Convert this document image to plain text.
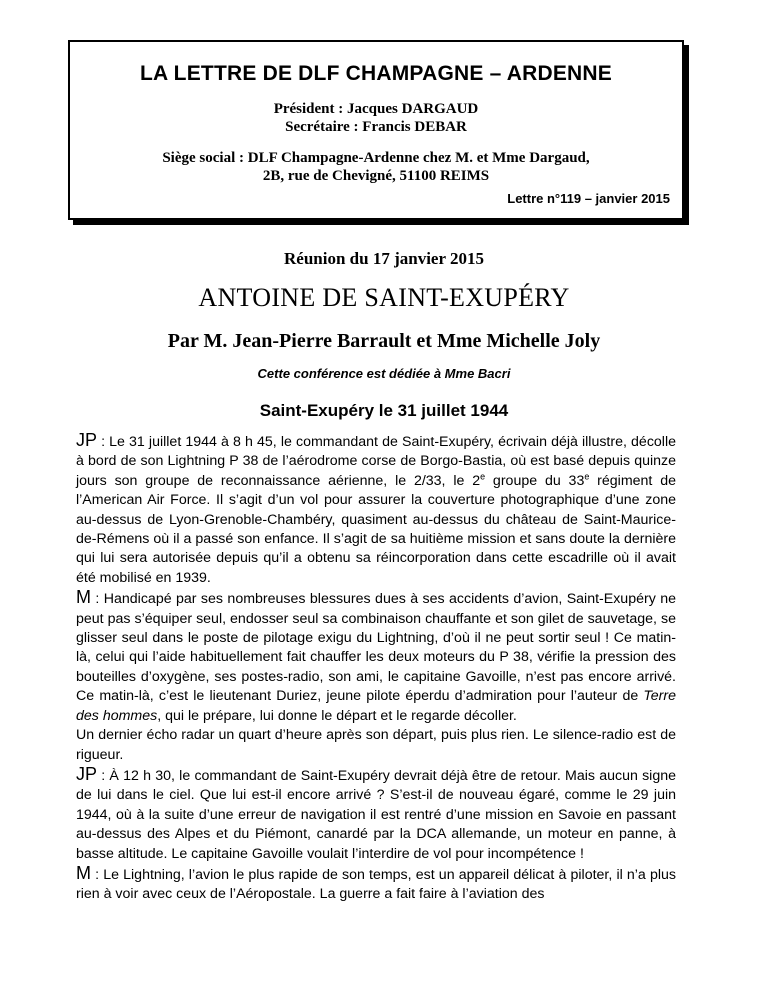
LA LETTRE DE DLF CHAMPAGNE – ARDENNE
Président : Jacques DARGAUD
Secrétaire : Francis DEBAR
Siège social : DLF Champagne-Ardenne chez M. et Mme Dargaud,
2B, rue de Chevigné, 51100 REIMS
Lettre n°119 – janvier 2015
Réunion du 17 janvier 2015
ANTOINE DE SAINT-EXUPÉRY
Par M. Jean-Pierre Barrault et Mme Michelle Joly
Cette conférence est dédiée à Mme Bacri
Saint-Exupéry le 31 juillet 1944

JP : Le 31 juillet 1944 à 8 h 45, le commandant de Saint-Exupéry, écrivain déjà illustre, décolle à bord de son Lightning P 38 de l’aérodrome corse de Borgo-Bastia, où est basé depuis quinze jours son groupe de reconnaissance aérienne, le 2/33, le 2e groupe du 33e régiment de l’American Air Force. Il s’agit d’un vol pour assurer la couverture photographique d’une zone au-dessus de Lyon-Grenoble-Chambéry, quasiment au-dessus du château de Saint-Maurice-de-Rémens où il a passé son enfance. Il s’agit de sa huitième mission et sans doute la dernière qui lui sera autorisée depuis qu’il a obtenu sa réincorporation dans cette escadrille où il avait été mobilisé en 1939.

M : Handicapé par ses nombreuses blessures dues à ses accidents d’avion, Saint-Exupéry ne peut pas s’équiper seul, endosser seul sa combinaison chauffante et son gilet de sauvetage, se glisser seul dans le poste de pilotage exigu du Lightning, d’où il ne peut sortir seul ! Ce matin-là, celui qui l’aide habituellement fait chauffer les deux moteurs du P 38, vérifie la pression des bouteilles d’oxygène, ses postes-radio, son ami, le capitaine Gavoille, n’est pas encore arrivé. Ce matin-là, c’est le lieutenant Duriez, jeune pilote éperdu d’admiration pour l’auteur de Terre des hommes, qui le prépare, lui donne le départ et le regarde décoller.

Un dernier écho radar un quart d’heure après son départ, puis plus rien. Le silence-radio est de rigueur.

JP : À 12 h 30, le commandant de Saint-Exupéry devrait déjà être de retour. Mais aucun signe de lui dans le ciel. Que lui est-il encore arrivé ? S’est-il de nouveau égaré, comme le 29 juin 1944, où à la suite d’une erreur de navigation il est rentré d’une mission en Savoie en passant au-dessus des Alpes et du Piémont, canardé par la DCA allemande, un moteur en panne, à basse altitude. Le capitaine Gavoille voulait l’interdire de vol pour incompétence !

M : Le Lightning, l’avion le plus rapide de son temps, est un appareil délicat à piloter, il n’a plus rien à voir avec ceux de l’Aéropostale. La guerre a fait faire à l’aviation des
